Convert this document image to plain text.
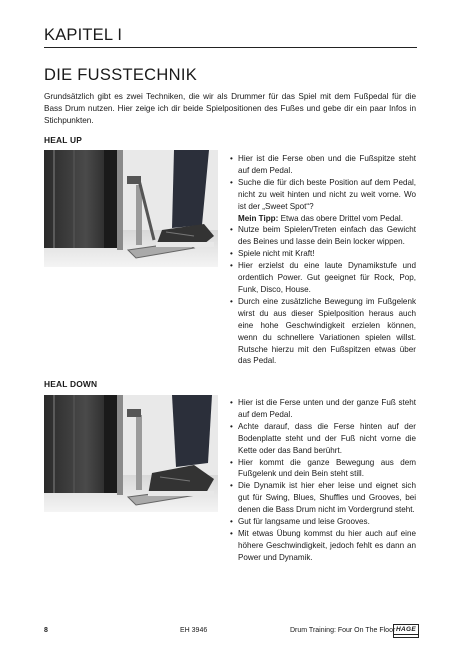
KAPITEL I
DIE FUSSTECHNIK

Grundsätzlich gibt es zwei Techniken, die wir als Drummer für das Spiel mit dem Fußpedal für die Bass Drum nutzen. Hier zeige ich dir beide Spielpositionen des Fußes und gebe dir ein paar Infos in Stichpunkten.

HEAL UP
• Hier ist die Ferse oben und die Fußspitze steht auf dem Pedal.
• Suche die für dich beste Position auf dem Pedal, nicht zu weit hinten und nicht zu weit vorne. Wo ist der „Sweet Spot“?
Mein Tipp: Etwa das obere Drittel vom Pedal.
• Nutze beim Spielen/Treten einfach das Gewicht des Beines und lasse dein Bein locker wippen.
• Spiele nicht mit Kraft!
• Hier erzielst du eine laute Dynamikstufe und ordentlich Power. Gut geeignet für Rock, Pop, Funk, Disco, House.
• Durch eine zusätzliche Bewegung im Fußgelenk wirst du aus dieser Spielposition heraus auch eine hohe Geschwindigkeit erzielen können, wenn du schnellere Variationen spielen willst. Rutsche hierzu mit den Fußspitzen etwas über das Pedal.
HEAL DOWN
• Hier ist die Ferse unten und der ganze Fuß steht auf dem Pedal.
• Achte darauf, dass die Ferse hinten auf der Bodenplatte steht und der Fuß nicht vorne die Kette oder das Band berührt.
• Hier kommt die ganze Bewegung aus dem Fußgelenk und dein Bein steht still.
• Die Dynamik ist hier eher leise und eignet sich gut für Swing, Blues, Shuffles und Grooves, bei denen die Bass Drum nicht im Vordergrund steht.
• Gut für langsame und leise Grooves.
• Mit etwas Übung kommst du hier auch auf eine höhere Geschwindigkeit, jedoch fehlt es dann an Power und Dynamik.
8	EH 3946	Drum Training: Four On The Floor HAGE
